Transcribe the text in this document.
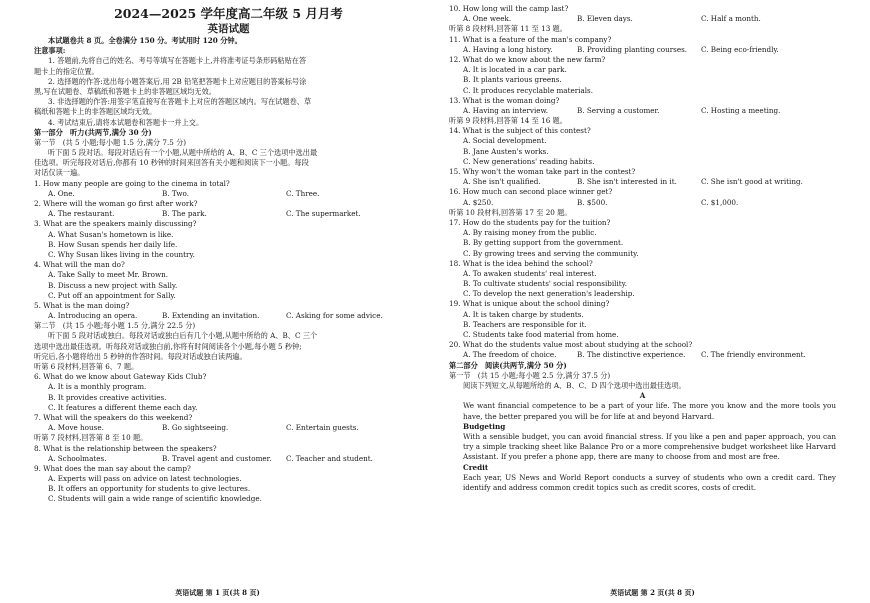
2024—2025 学年度高二年级 5 月月考
英语试题
本试题卷共 8 页。全卷满分 150 分。考试用时 120 分钟。
注意事项:
1. 答题前,先将自己的姓名、考号等填写在答题卡上,并将准考证号条形码粘贴在答
题卡上的指定位置。
2. 选择题的作答:选出每小题答案后,用 2B 铅笔把答题卡上对应题目的答案标号涂
黑,写在试题卷、草稿纸和答题卡上的非答题区域均无效。
3. 非选择题的作答:用签字笔直接写在答题卡上对应的答题区域内。写在试题卷、草
稿纸和答题卡上的非答题区域均无效。
4. 考试结束后,请将本试题卷和答题卡一并上交。
第一部分　听力(共两节,满分 30 分)
第一节　(共 5 小题;每小题 1.5 分,满分 7.5 分)
听下面 5 段对话。每段对话后有一个小题,从题中所给的 A、B、C 三个选项中选出最
佳选项。听完每段对话后,你都有 10 秒钟的时间来回答有关小题和阅读下一小题。每段
对话仅读一遍。
1. How many people are going to the cinema in total?
A. One.	B. Two.	C. Three.
2. Where will the woman go first after work?
A. The restaurant.	B. The park.	C. The supermarket.
3. What are the speakers mainly discussing?
A. What Susan's hometown is like.
B. How Susan spends her daily life.
C. Why Susan likes living in the country.
4. What will the man do?
A. Take Sally to meet Mr. Brown.
B. Discuss a new project with Sally.
C. Put off an appointment for Sally.
5. What is the man doing?
A. Introducing an opera.	B. Extending an invitation.	C. Asking for some advice.
第二节　(共 15 小题;每小题 1.5 分,满分 22.5 分)
听下面 5 段对话或独白。每段对话或独白后有几个小题,从题中所给的 A、B、C 三个
选项中选出最佳选项。听每段对话或独白前,你将有时间阅读各个小题,每小题 5 秒钟;
听完后,各小题将给出 5 秒钟的作答时间。每段对话或独白读两遍。
听第 6 段材料,回答第 6、7 题。
6. What do we know about Gateway Kids Club?
A. It is a monthly program.
B. It provides creative activities.
C. It features a different theme each day.
7. What will the speakers do this weekend?
A. Move house.	B. Go sightseeing.	C. Entertain guests.
听第 7 段材料,回答第 8 至 10 题。
8. What is the relationship between the speakers?
A. Schoolmates.	B. Travel agent and customer.	C. Teacher and student.
9. What does the man say about the camp?
A. Experts will pass on advice on latest technologies.
B. It offers an opportunity for students to give lectures.
C. Students will gain a wide range of scientific knowledge.
英语试题 第 1 页(共 8 页)
10. How long will the camp last?
A. One week.	B. Eleven days.	C. Half a month.
听第 8 段材料,回答第 11 至 13 题。
11. What is a feature of the man's company?
A. Having a long history.	B. Providing planting courses.	C. Being eco-friendly.
12. What do we know about the new farm?
A. It is located in a car park.
B. It plants various greens.
C. It produces recyclable materials.
13. What is the woman doing?
A. Having an interview.	B. Serving a customer.	C. Hosting a meeting.
听第 9 段材料,回答第 14 至 16 题。
14. What is the subject of this contest?
A. Social development.
B. Jane Austen's works.
C. New generations' reading habits.
15. Why won't the woman take part in the contest?
A. She isn't qualified.	B. She isn't interested in it.	C. She isn't good at writing.
16. How much can second place winner get?
A. $250.	B. $500.	C. $1,000.
听第 10 段材料,回答第 17 至 20 题。
17. How do the students pay for the tuition?
A. By raising money from the public.
B. By getting support from the government.
C. By growing trees and serving the community.
18. What is the idea behind the school?
A. To awaken students' real interest.
B. To cultivate students' social responsibility.
C. To develop the next generation's leadership.
19. What is unique about the school dining?
A. It is taken charge by students.
B. Teachers are responsible for it.
C. Students take food material from home.
20. What do the students value most about studying at the school?
A. The freedom of choice.	B. The distinctive experience.	C. The friendly environment.
第二部分　阅读(共两节,满分 50 分)
第一节　(共 15 小题;每小题 2.5 分,满分 37.5 分)
阅读下列短文,从每题所给的 A、B、C、D 四个选项中选出最佳选项。
A
We want financial competence to be a part of your life. The more you know and the more tools you have, the better prepared you will be for life at and beyond Harvard.
Budgeting
With a sensible budget, you can avoid financial stress. If you like a pen and paper approach, you can try a simple tracking sheet like Balance Pro or a more comprehensive budget worksheet like Harvard Assistant. If you prefer a phone app, there are many to choose from and most are free.
Credit
Each year, US News and World Report conducts a survey of students who own a credit card. They identify and address common credit topics such as credit scores, costs of credit.
英语试题 第 2 页(共 8 页)
